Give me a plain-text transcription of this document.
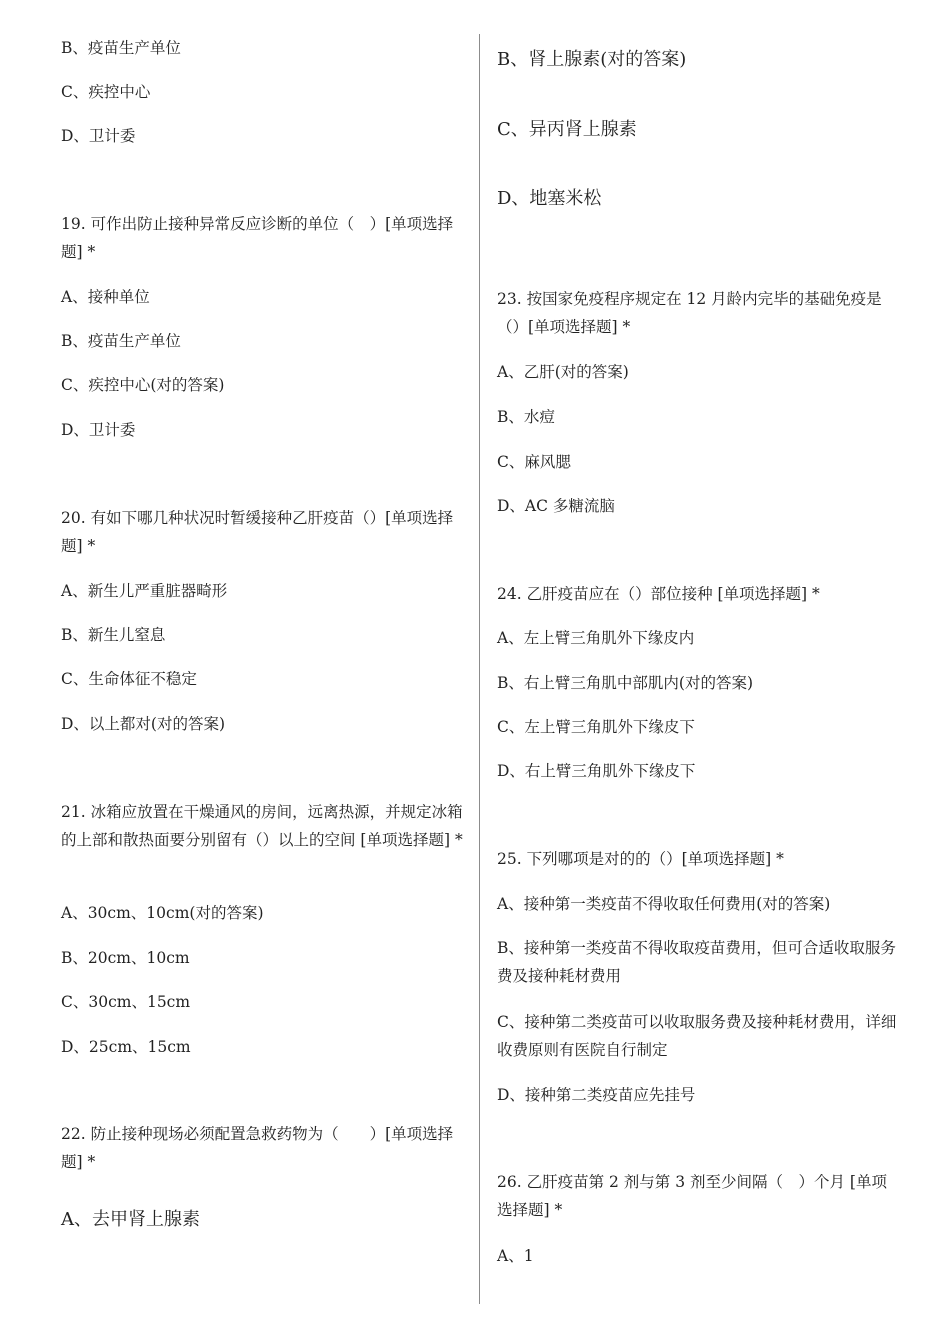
B、疫苗生产单位
C、疾控中心
D、卫计委
19. 可作出防止接种异常反应诊断的单位（　）[单项选择题] *
A、接种单位
B、疫苗生产单位
C、疾控中心(对的答案)
D、卫计委
20. 有如下哪几种状况时暂缓接种乙肝疫苗（）[单项选择题] *
A、新生儿严重脏器畸形
B、新生儿窒息
C、生命体征不稳定
D、以上都对(对的答案)
21. 冰箱应放置在干燥通风的房间，远离热源，并规定冰箱的上部和散热面要分别留有（）以上的空间 [单项选择题] *
A、30cm、10cm(对的答案)
B、20cm、10cm
C、30cm、15cm
D、25cm、15cm
22. 防止接种现场必须配置急救药物为（　　）[单项选择题] *
A、去甲肾上腺素
B、肾上腺素(对的答案)
C、异丙肾上腺素
D、地塞米松
23. 按国家免疫程序规定在 12 月龄内完毕的基础免疫是（）[单项选择题] *
A、乙肝(对的答案)
B、水痘
C、麻风腮
D、AC 多糖流脑
24. 乙肝疫苗应在（）部位接种 [单项选择题] *
A、左上臂三角肌外下缘皮内
B、右上臂三角肌中部肌内(对的答案)
C、左上臂三角肌外下缘皮下
D、右上臂三角肌外下缘皮下
25. 下列哪项是对的的（）[单项选择题] *
A、接种第一类疫苗不得收取任何费用(对的答案)
B、接种第一类疫苗不得收取疫苗费用，但可合适收取服务费及接种耗材费用
C、接种第二类疫苗可以收取服务费及接种耗材费用，详细收费原则有医院自行制定
D、接种第二类疫苗应先挂号
26. 乙肝疫苗第 2 剂与第 3 剂至少间隔（　）个月 [单项选择题] *
A、1
